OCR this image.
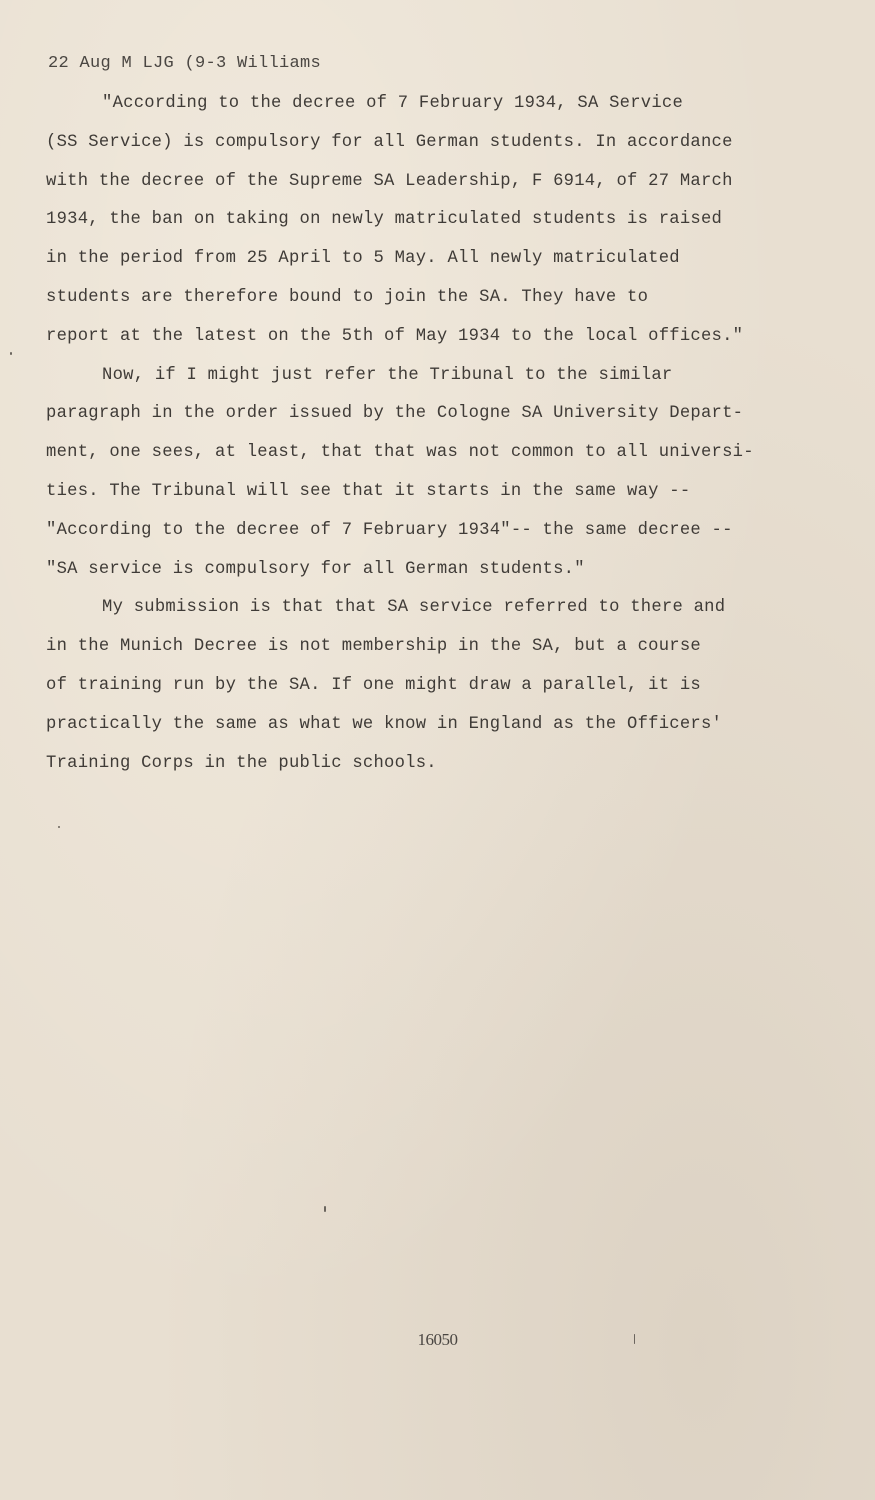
22 Aug M LJG (9-3 Williams
"According to the decree of 7 February 1934, SA Service
(SS Service) is compulsory for all German students. In accordance
with the decree of the Supreme SA Leadership, F 6914, of 27 March
1934, the ban on taking on newly matriculated students is raised
in the period from 25 April to 5 May. All newly matriculated
students are therefore bound to join the SA. They have to
report at the latest on the 5th of May 1934 to the local offices."
Now, if I might just refer the Tribunal to the similar
paragraph in the order issued by the Cologne SA University Depart-
ment, one sees, at least, that that was not common to all universi-
ties. The Tribunal will see that it starts in the same way --
"According to the decree of 7 February 1934"-- the same decree --
"SA service is compulsory for all German students."
My submission is that that SA service referred to there and
in the Munich Decree is not membership in the SA, but a course
of training run by the SA. If one might draw a parallel, it is
practically the same as what we know in England as the Officers'
Training Corps in the public schools.
16050
